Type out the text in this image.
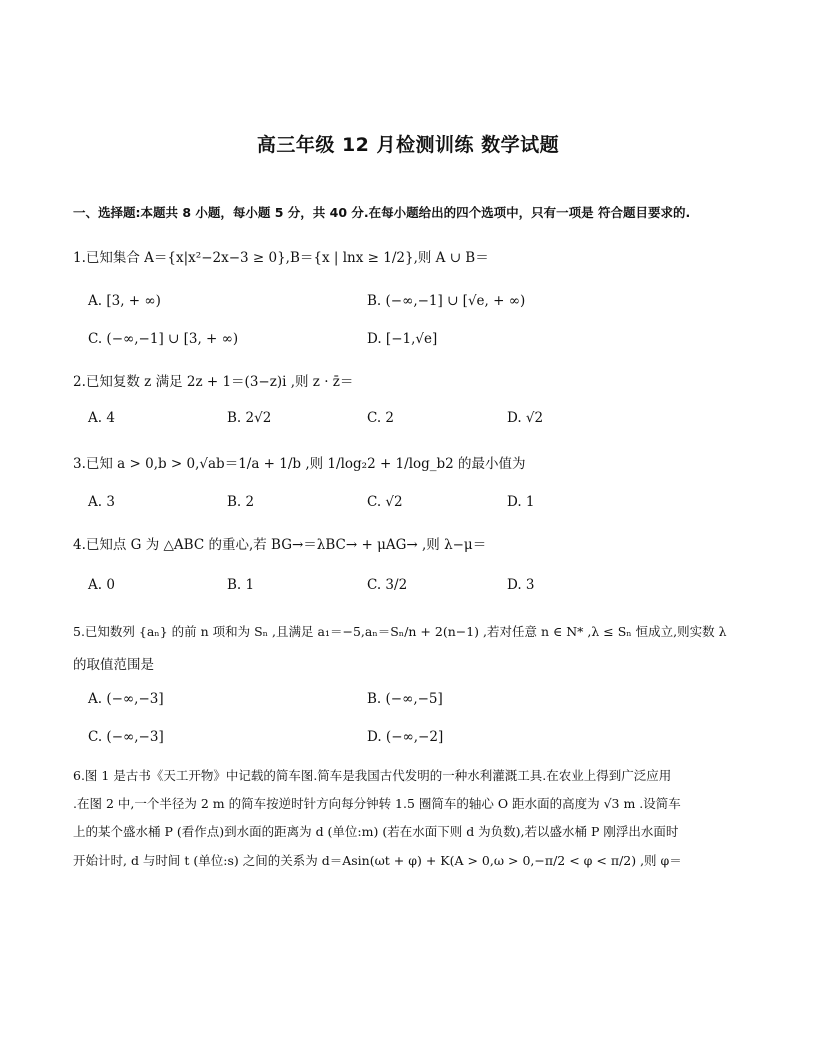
高三年级 12 月检测训练 数学试题
一、选择题:本题共 8 小题，每小题 5 分，共 40 分.在每小题给出的四个选项中，只有一项是 符合题目要求的.
1.已知集合 A＝{x|x²−2x−3 ≥ 0},B＝{x | lnx ≥ 1/2},则 A ∪ B＝
A. [3, + ∞)	B. (−∞,−1] ∪ [√e, + ∞)
C. (−∞,−1] ∪ [3, + ∞)	D. [−1,√e]
2.已知复数 z 满足 2z + 1＝(3−z)i ,则 z · z̄＝
A. 4	B. 2√2	C. 2	D. √2
3.已知 a > 0,b > 0,√ab＝1/a + 1/b ,则 1/log₂2 + 1/log_b2 的最小值为
A. 3	B. 2	C. √2	D. 1
4.已知点 G 为 △ABC 的重心,若 BG→＝λBC→ + μAG→ ,则 λ−μ＝
A. 0	B. 1	C. 3/2	D. 3
5.已知数列 {aₙ} 的前 n 项和为 Sₙ ,且满足 a₁＝−5,aₙ＝Sₙ/n + 2(n−1) ,若对任意 n ∈ N* ,λ ≤ Sₙ 恒成立,则实数 λ
的取值范围是
A. (−∞,−3]	B. (−∞,−5]
C. (−∞,−3]	D. (−∞,−2]
6.图 1 是古书《天工开物》中记载的简车图.简车是我国古代发明的一种水利灌溉工具.在农业上得到广泛应用
.在图 2 中,一个半径为 2 m 的简车按逆时针方向每分钟转 1.5 圈简车的轴心 O 距水面的高度为 √3 m .设简车
上的某个盛水桶 P (看作点)到水面的距离为 d (单位:m) (若在水面下则 d 为负数),若以盛水桶 P 刚浮出水面时
开始计时, d 与时间 t (单位:s) 之间的关系为 d＝Asin(ωt + φ) + K(A > 0,ω > 0,−π/2 < φ < π/2) ,则 φ＝
